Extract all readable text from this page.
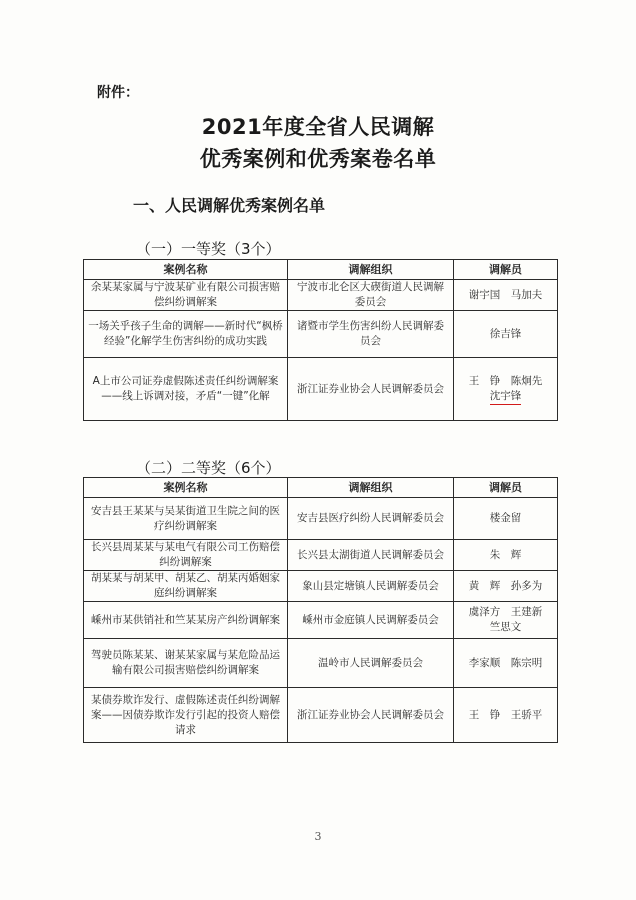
附件：
2021年度全省人民调解
优秀案例和优秀案卷名单
一、人民调解优秀案例名单
（一）一等奖（3个）
案例名称	调解组织	调解员
余某某家属与宁波某矿业有限公司损害赔偿纠纷调解案	宁波市北仑区大碶街道人民调解委员会	谢宇国　马加夫
一场关乎孩子生命的调解——新时代“枫桥经验”化解学生伤害纠纷的成功实践	诸暨市学生伤害纠纷人民调解委员会	徐吉锋
A上市公司证券虚假陈述责任纠纷调解案——线上诉调对接，矛盾“一键”化解	浙江证券业协会人民调解委员会	王　铮　陈炯先
沈宇锋
（二）二等奖（6个）
案例名称	调解组织	调解员
安吉县王某某与吴某街道卫生院之间的医疗纠纷调解案	安吉县医疗纠纷人民调解委员会	楼金留
长兴县周某某与某电气有限公司工伤赔偿纠纷调解案	长兴县太湖街道人民调解委员会	朱　辉
胡某某与胡某甲、胡某乙、胡某丙婚姻家庭纠纷调解案	象山县定塘镇人民调解委员会	黄　辉　孙多为
嵊州市某供销社和竺某某房产纠纷调解案	嵊州市金庭镇人民调解委员会	虞泽方　王建新
竺思文

驾驶员陈某某、谢某某家属与某危险品运输有限公司损害赔偿纠纷调解案	温岭市人民调解委员会	李家顺　陈宗明
某债券欺诈发行、虚假陈述责任纠纷调解案——因债券欺诈发行引起的投资人赔偿请求	浙江证券业协会人民调解委员会	王　铮　王骄平
3
